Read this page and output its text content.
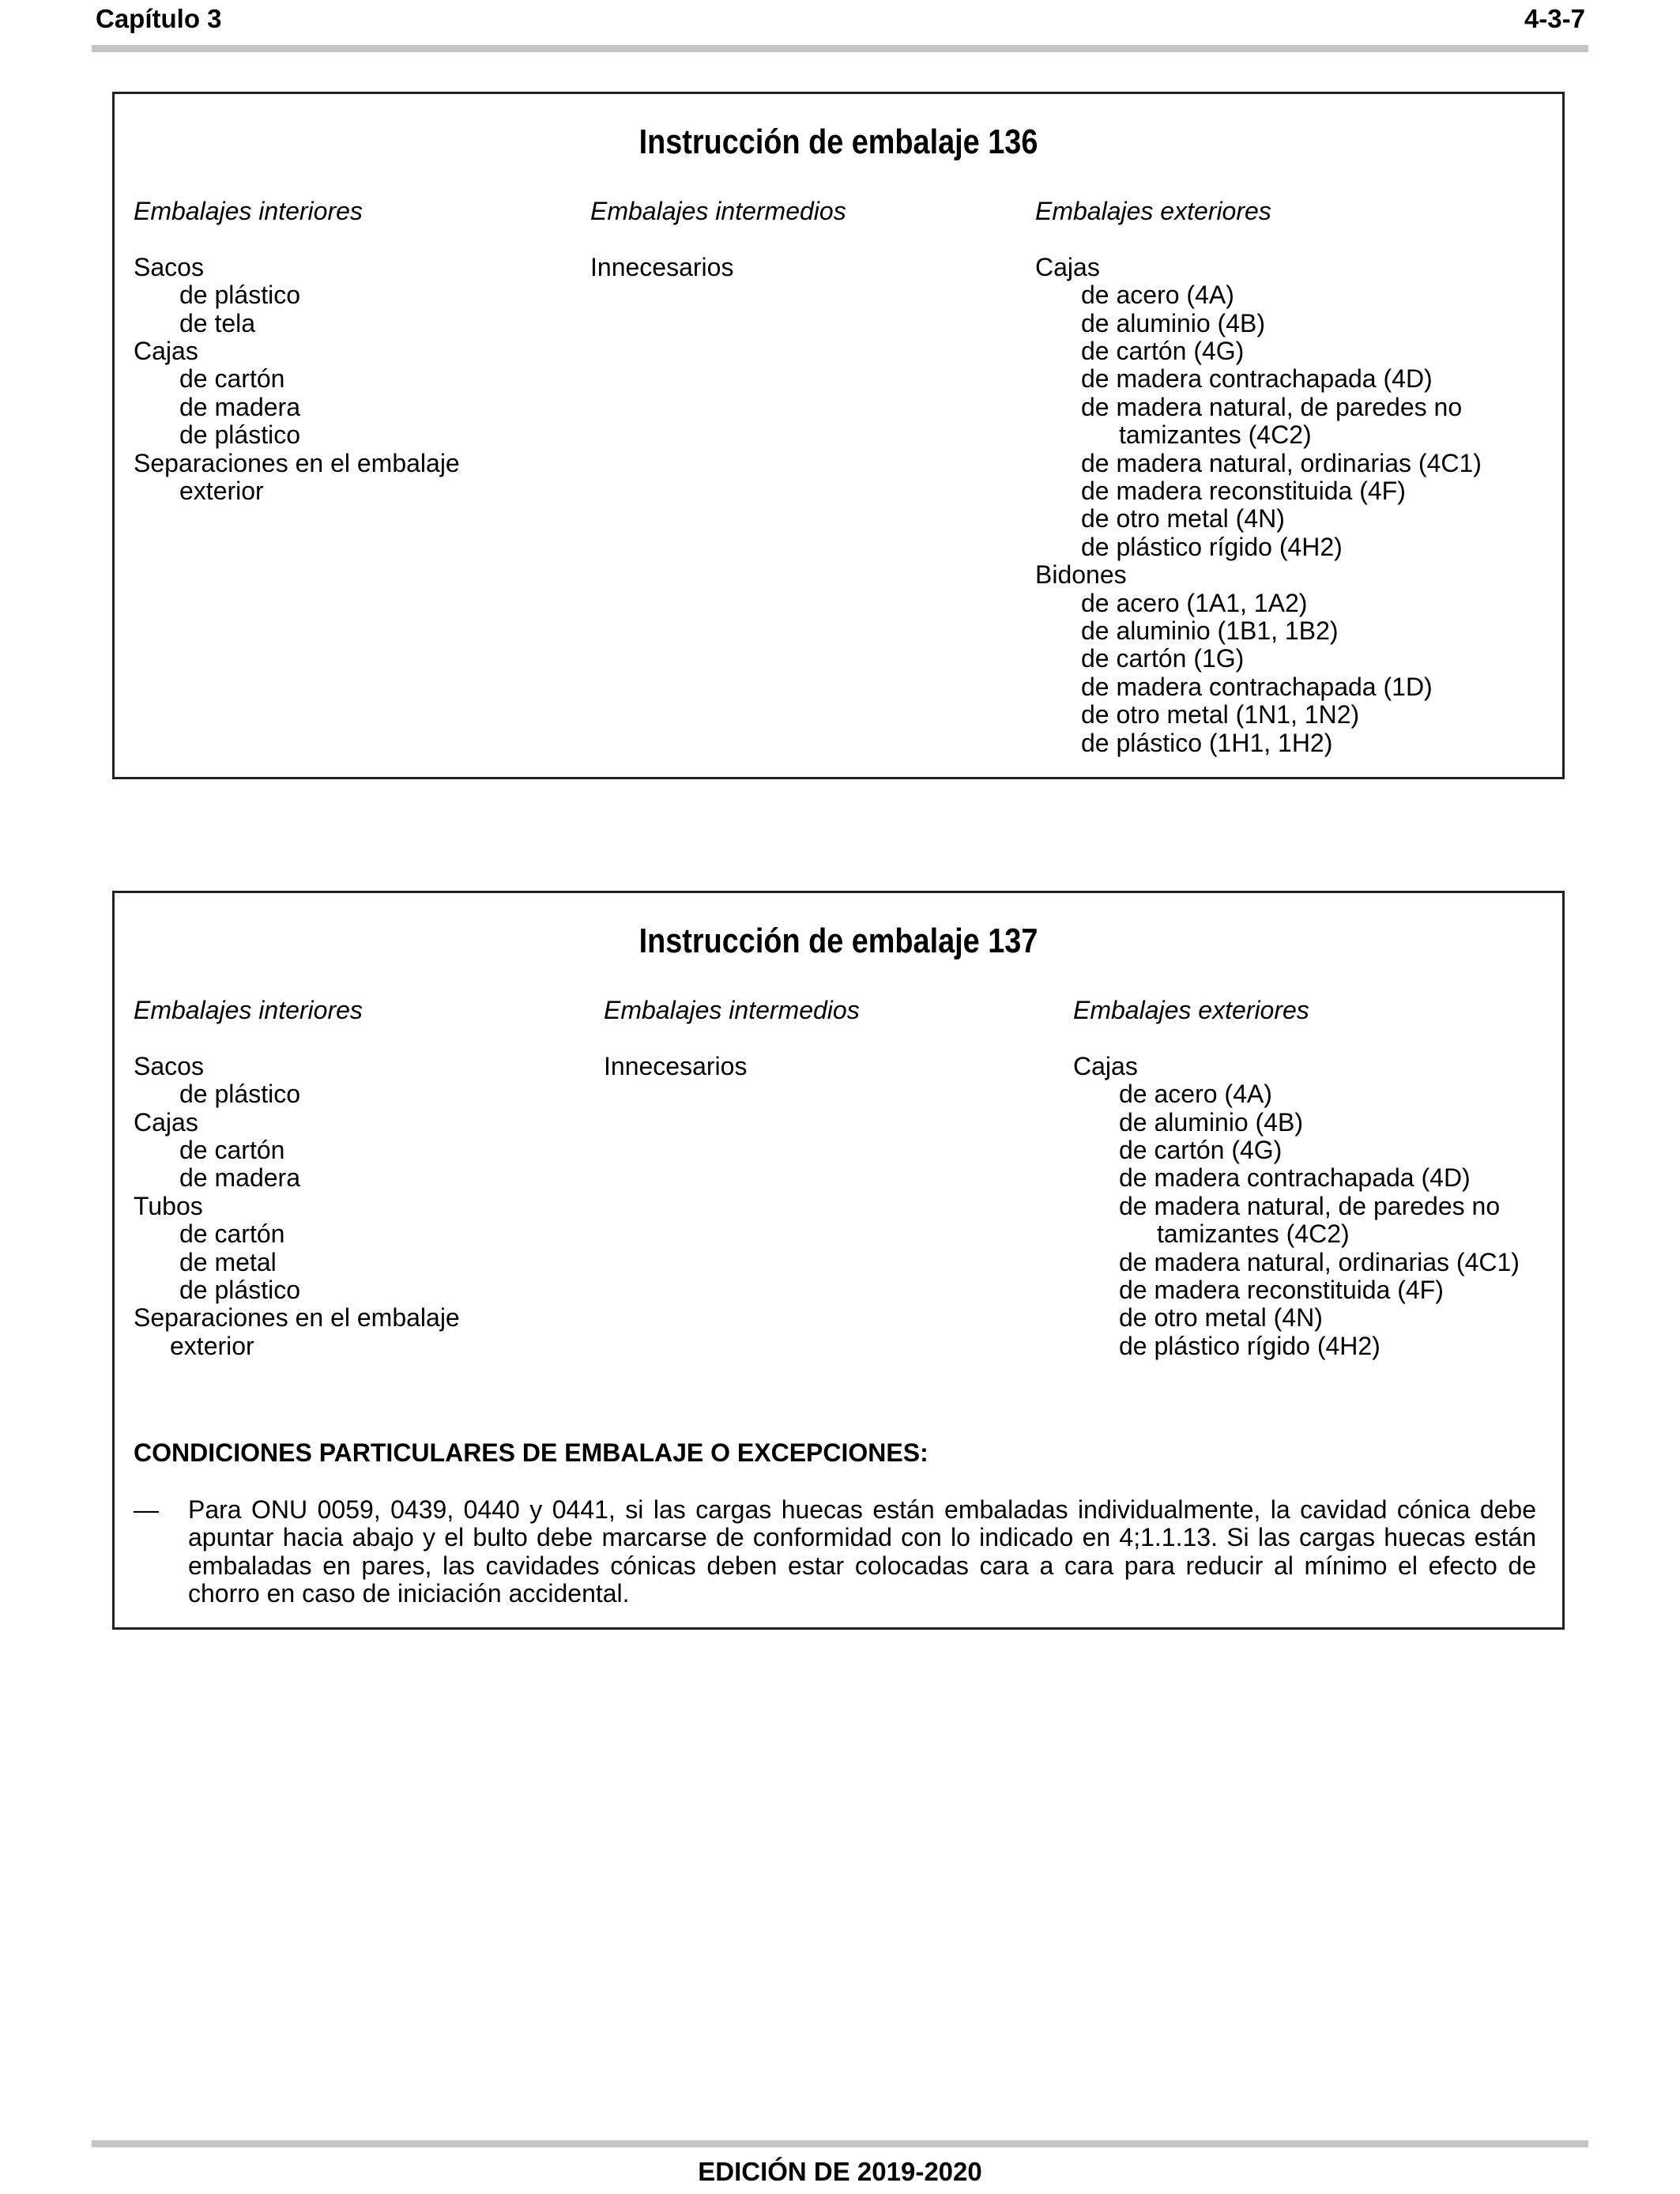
Capítulo 3	4-3-7
Instrucción de embalaje 136
Embalajes interiores
Sacos
de plástico
de tela
Cajas
de cartón
de madera
de plástico
Separaciones en el embalaje
exterior
Embalajes intermedios
Innecesarios
Embalajes exteriores
Cajas
de acero (4A)
de aluminio (4B)
de cartón (4G)
de madera contrachapada (4D)
de madera natural, de paredes no
tamizantes (4C2)
de madera natural, ordinarias (4C1)
de madera reconstituida (4F)
de otro metal (4N)
de plástico rígido (4H2)
Bidones
de acero (1A1, 1A2)
de aluminio (1B1, 1B2)
de cartón (1G)
de madera contrachapada (1D)
de otro metal (1N1, 1N2)
de plástico (1H1, 1H2)
Instrucción de embalaje 137
Embalajes interiores
Sacos
de plástico
Cajas
de cartón
de madera
Tubos
de cartón
de metal
de plástico
Separaciones en el embalaje
exterior
Embalajes intermedios
Innecesarios
Embalajes exteriores
Cajas
de acero (4A)
de aluminio (4B)
de cartón (4G)
de madera contrachapada (4D)
de madera natural, de paredes no
tamizantes (4C2)
de madera natural, ordinarias (4C1)
de madera reconstituida (4F)
de otro metal (4N)
de plástico rígido (4H2)
CONDICIONES PARTICULARES DE EMBALAJE O EXCEPCIONES:
— Para ONU 0059, 0439, 0440 y 0441, si las cargas huecas están embaladas individualmente, la cavidad cónica debe apuntar hacia abajo y el bulto debe marcarse de conformidad con lo indicado en 4;1.1.13. Si las cargas huecas están embaladas en pares, las cavidades cónicas deben estar colocadas cara a cara para reducir al mínimo el efecto de chorro en caso de iniciación accidental.
EDICIÓN DE 2019-2020
